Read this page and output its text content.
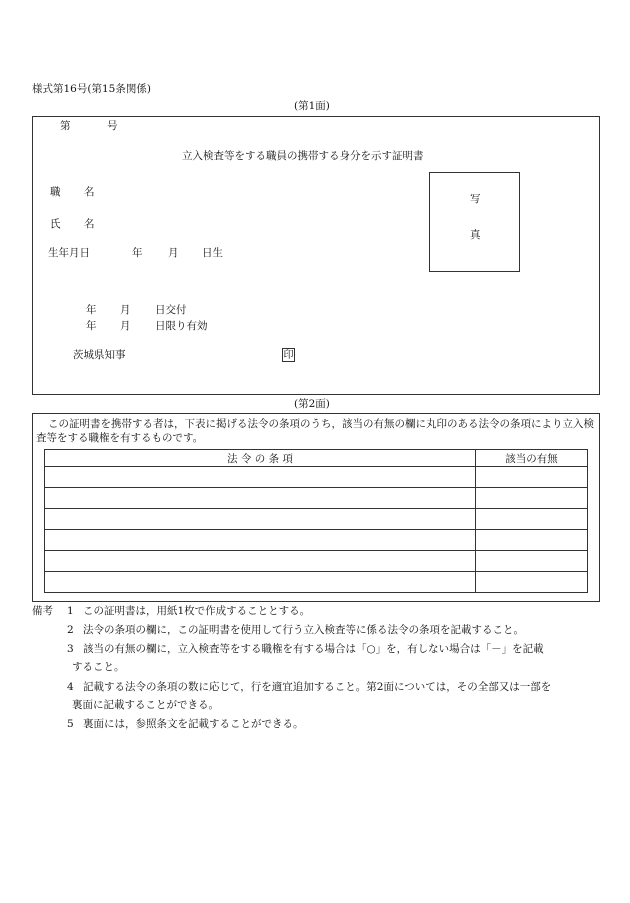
様式第16号(第15条関係)
(第1面)
第	号
立入検査等をする職員の携帯する身分を示す証明書
職 名
氏 名
生年月日	年 月 日生
写
真
年 月 日交付
年 月 日限り有効
茨城県知事	印
(第2面)
この証明書を携帯する者は，下表に掲げる法令の条項のうち，該当の有無の欄に丸印のある法令の条項により立入検査等をする職権を有するものです。
法 令 の 条 項	該当の有無

備考 1 この証明書は，用紙1枚で作成することとする。
2 法令の条項の欄に，この証明書を使用して行う立入検査等に係る法令の条項を記載すること。
3 該当の有無の欄に，立入検査等をする職権を有する場合は「○」を，有しない場合は「－」を記載
すること。
4 記載する法令の条項の数に応じて，行を適宜追加すること。第2面については，その全部又は一部を
裏面に記載することができる。
5 裏面には，参照条文を記載することができる。
